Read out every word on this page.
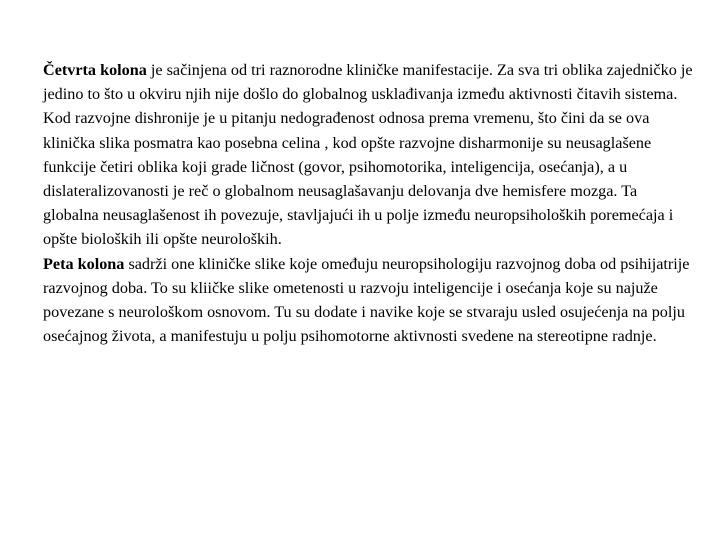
Četvrta kolona je sačinjena od tri raznorodne kliničke manifestacije. Za sva tri oblika zajedničko je jedino to što u okviru njih nije došlo do globalnog usklađivanja između aktivnosti čitavih sistema. Kod razvojne dishronije je u pitanju nedograđenost odnosa prema vremenu, što čini da se ova klinička slika posmatra kao posebna celina , kod opšte razvojne disharmonije su neusaglašene funkcije četiri oblika koji grade ličnost (govor, psihomotorika, inteligencija, osećanja), a u dislateralizovanosti je reč o globalnom neusaglašavanju delovanja dve hemisfere mozga. Ta globalna neusaglašenost ih povezuje, stavljajući ih u polje između neuropsiholoških poremećaja i opšte bioloških ili opšte neuroloških.

Peta kolona sadrži one kliničke slike koje omeđuju neuropsihologiju razvojnog doba od psihijatrije razvojnog doba. To su kliičke slike ometenosti u razvoju inteligencije i osećanja koje su najuže povezane s neurološkom osnovom. Tu su dodate i navike koje se stvaraju usled osujećenja na polju osećajnog života, a manifestuju u polju psihomotorne aktivnosti svedene na stereotipne radnje.
